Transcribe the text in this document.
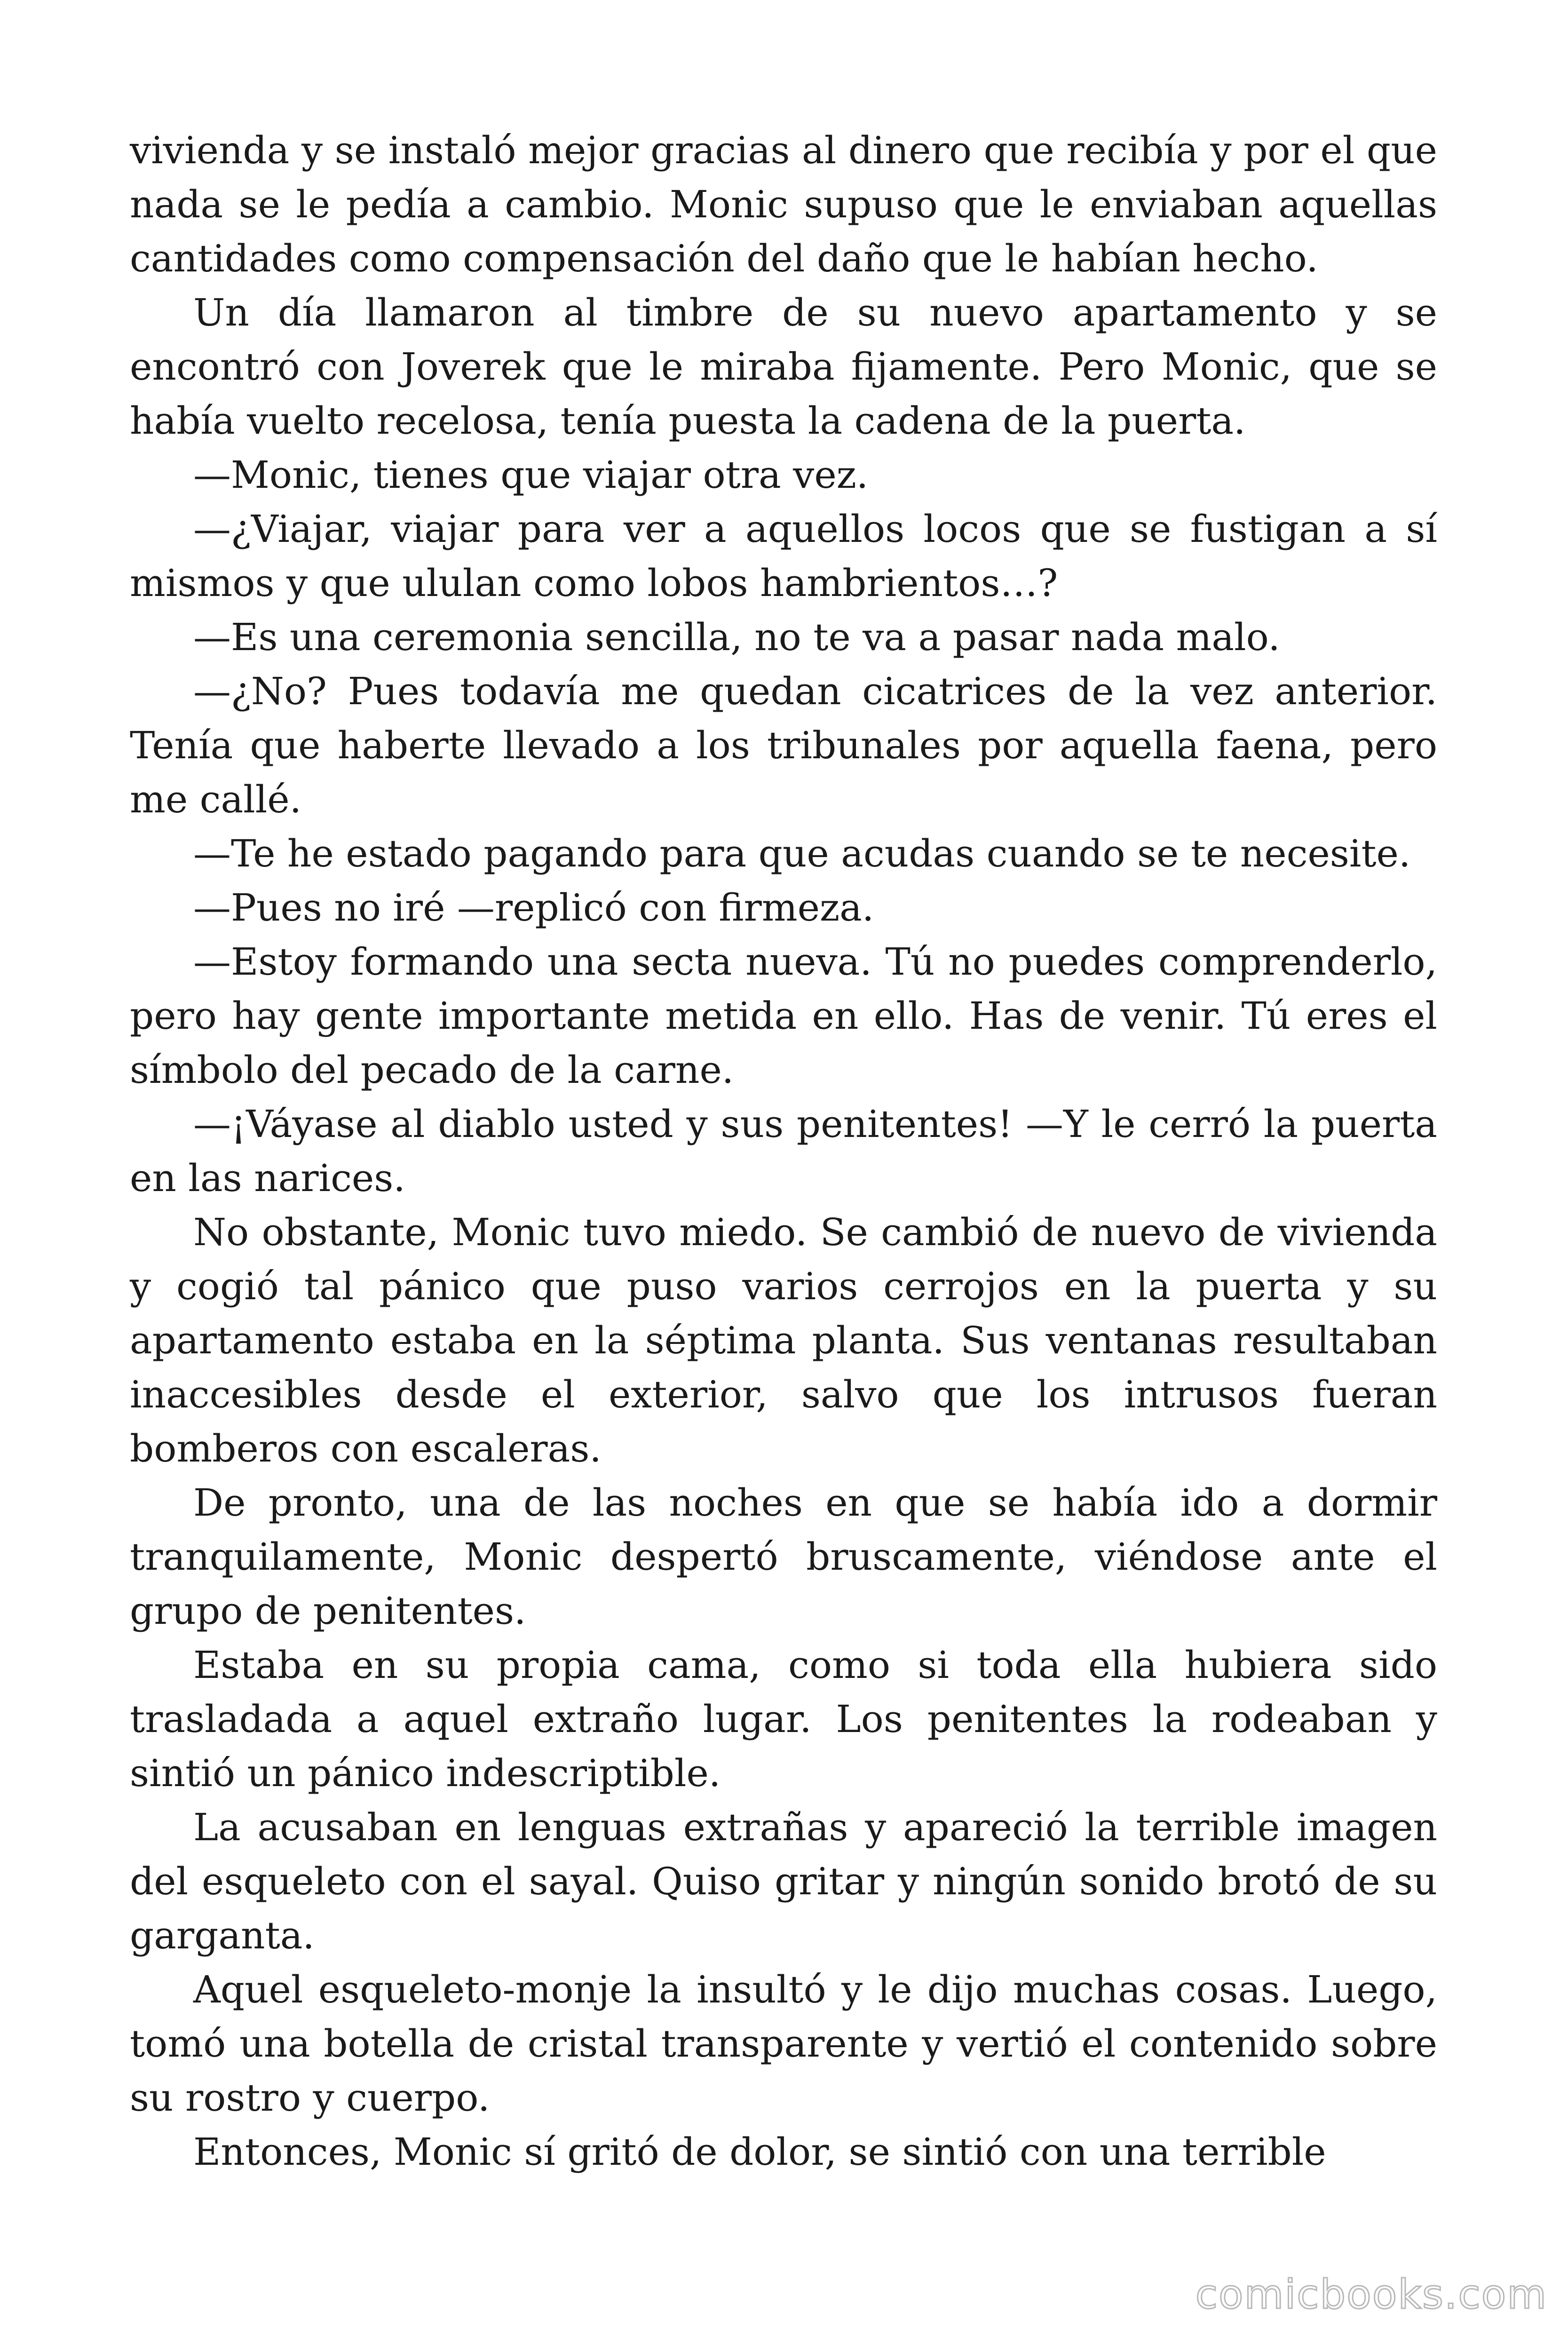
vivienda y se instaló mejor gracias al dinero que recibía y por el que nada se le pedía a cambio. Monic supuso que le enviaban aquellas cantidades como compensación del daño que le habían hecho.

Un día llamaron al timbre de su nuevo apartamento y se encontró con Joverek que le miraba fijamente. Pero Monic, que se había vuelto recelosa, tenía puesta la cadena de la puerta.

—Monic, tienes que viajar otra vez.

—¿Viajar, viajar para ver a aquellos locos que se fustigan a sí mismos y que ululan como lobos hambrientos…?

—Es una ceremonia sencilla, no te va a pasar nada malo.

—¿No? Pues todavía me quedan cicatrices de la vez anterior. Tenía que haberte llevado a los tribunales por aquella faena, pero me callé.

—Te he estado pagando para que acudas cuando se te necesite.

—Pues no iré —replicó con firmeza.

—Estoy formando una secta nueva. Tú no puedes comprenderlo, pero hay gente importante metida en ello. Has de venir. Tú eres el símbolo del pecado de la carne.

—¡Váyase al diablo usted y sus penitentes! —Y le cerró la puerta en las narices.

No obstante, Monic tuvo miedo. Se cambió de nuevo de vivienda y cogió tal pánico que puso varios cerrojos en la puerta y su apartamento estaba en la séptima planta. Sus ventanas resultaban inaccesibles desde el exterior, salvo que los intrusos fueran bomberos con escaleras.

De pronto, una de las noches en que se había ido a dormir tranquilamente, Monic despertó bruscamente, viéndose ante el grupo de penitentes.

Estaba en su propia cama, como si toda ella hubiera sido trasladada a aquel extraño lugar. Los penitentes la rodeaban y sintió un pánico indescriptible.

La acusaban en lenguas extrañas y apareció la terrible imagen del esqueleto con el sayal. Quiso gritar y ningún sonido brotó de su garganta.

Aquel esqueleto-monje la insultó y le dijo muchas cosas. Luego, tomó una botella de cristal transparente y vertió el contenido sobre su rostro y cuerpo.

Entonces, Monic sí gritó de dolor, se sintió con una terrible

comicbooks.com
